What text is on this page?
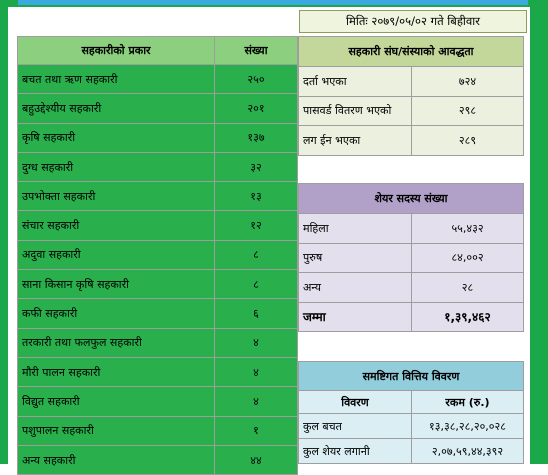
मितिः २०७९/०५/०२ गते बिहीवार
सहकारीको प्रकार	संख्या
बचत तथा ऋण सहकारी	२५०
बहुउद्देश्यीय सहकारी	२०१
कृषि सहकारी	१३७
दुग्ध सहकारी	३२
उपभोक्ता सहकारी	१३
संचार सहकारी	१२
अदुवा सहकारी	८
साना किसान कृषि सहकारी	८
कफी सहकारी	६
तरकारी तथा फलफुल सहकारी	४
मौरी पालन सहकारी	४
विद्युत सहकारी	४
पशुपालन सहकारी	१
अन्य सहकारी	४४
सहकारी संघ/संस्याको आवद्धता	
दर्ता भएका	७२४
पासवर्ड वितरण भएको	२९८
लग ईन भएका	२८९
शेयर सदस्य संख्या	
महिला	५५,४३२
पुरुष	८४,००२
अन्य	२८
जम्मा	१,३९,४६२
समष्टिगत वित्तिय विवरण	
विवरण	रकम (रु.)
कुल बचत	१३,३८,२८,२०,०२८
कुल शेयर लगानी	२,०७,५९,४४,३९२
